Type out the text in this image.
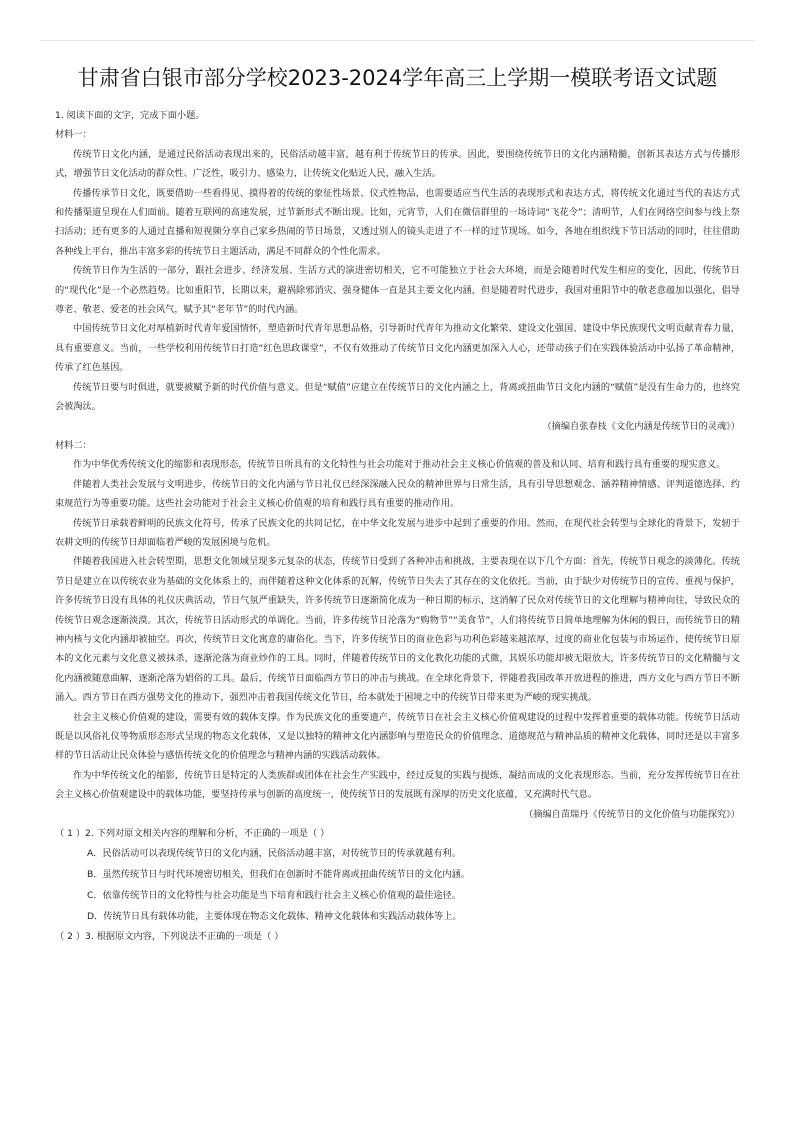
甘肃省白银市部分学校2023-2024学年高三上学期一模联考语文试题

1. 阅读下面的文字，完成下面小题。

材料一：

传统节日文化内涵，是通过民俗活动表现出来的，民俗活动越丰富，越有利于传统节日的传承。因此，要围绕传统节日的文化内涵精髓，创新其表达方式与传播形式，增强节日文化活动的群众性、广泛性，吸引力、感染力，让传统文化贴近人民，融入生活。

传播传承节日文化，既要借助一些看得见、摸得着的传统的象征性场景、仪式性物品，也需要适应当代生活的表现形式和表达方式，将传统文化通过当代的表达方式和传播渠道呈现在人们面前。随着互联网的高速发展，过节新形式不断出现。比如，元宵节，人们在微信群里的一场诗词“飞花令”；清明节，人们在网络空间参与线上祭扫活动；还有更多的人通过直播和短视频分享自己家乡热闹的节日场景，又透过别人的镜头走进了不一样的过节现场。如今，各地在组织线下节日活动的同时，往往借助各种线上平台，推出丰富多彩的传统节日主题活动，满足不同群众的个性化需求。

传统节日作为生活的一部分，跟社会进步、经济发展、生活方式的演进密切相关，它不可能独立于社会大环境，而是会随着时代发生相应的变化，因此，传统节日的“现代化”是一个必然趋势。比如重阳节，长期以来，避祸除邪消灾、强身健体一直是其主要文化内涵，但是随着时代进步，我国对重阳节中的敬老意蕴加以强化，倡导尊老、敬老、爱老的社会风气，赋予其“老年节”的时代内涵。

中国传统节日文化对厚植新时代青年爱国情怀，塑造新时代青年思想品格，引导新时代青年为推动文化繁荣、建设文化强国、建设中华民族现代文明贡献青春力量，具有重要意义。当前，一些学校利用传统节日打造“红色思政课堂”，不仅有效推动了传统节日文化内涵更加深入人心，还带动孩子们在实践体验活动中弘扬了革命精神，传承了红色基因。

传统节日要与时俱进，就要被赋予新的时代价值与意义。但是“赋值”应建立在传统节日的文化内涵之上，背离或扭曲节日文化内涵的“赋值”是没有生命力的，也终究会被淘汰。

（摘编自张春枝《文化内涵是传统节日的灵魂》）

材料二：

作为中华优秀传统文化的缩影和表现形态，传统节日所具有的文化特性与社会功能对于推动社会主义核心价值观的普及和认同、培育和践行具有重要的现实意义。

伴随着人类社会发展与文明进步，传统节日的文化内涵与节日礼仪已经深深融入民众的精神世界与日常生活，具有引导思想观念、涵养精神情感、评判道德选择、约束规范行为等重要功能。这些社会功能对于社会主义核心价值观的培育和践行具有重要的推动作用。

传统节日承载着鲜明的民族文化符号，传承了民族文化的共同记忆，在中华文化发展与进步中起到了重要的作用。然而，在现代社会转型与全球化的背景下，发轫于农耕文明的传统节日却面临着严峻的发展困境与危机。

伴随着我国进入社会转型期，思想文化领域呈现多元复杂的状态，传统节日受到了各种冲击和挑战，主要表现在以下几个方面：首先，传统节日观念的淡薄化。传统节日是建立在以传统农业为基础的文化体系上的，而伴随着这种文化体系的瓦解，传统节日失去了其存在的文化依托。当前，由于缺少对传统节日的宣传、重视与保护，许多传统节日没有具体的礼仪庆典活动，节日气氛严重缺失，许多传统节日逐渐简化成为一种日期的标示，这消解了民众对传统节日的文化理解与精神向往，导致民众的传统节日观念逐渐淡漠。其次，传统节日活动形式的单调化。当前，许多传统节日沦落为“购物节”“美食节”，人们将传统节日简单地理解为休闲的假日，而传统节日的精神内核与文化内涵却被抽空。再次，传统节日文化寓意的庸俗化。当下，许多传统节日的商业色彩与功利色彩越来越浓厚，过度的商业化包装与市场运作，使传统节日原本的文化元素与文化意义被抹杀，逐渐沦落为商业炒作的工具。同时，伴随着传统节日的文化教化功能的式微，其娱乐功能却被无限放大，许多传统节日的文化精髓与文化内涵被随意曲解，逐渐沦落为娼俗的工具。最后，传统节日面临西方节日的冲击与挑战。在全球化背景下，伴随着我国改革开放进程的推进，西方文化与西方节日不断涌入。西方节日在西方强势文化的推动下，强烈冲击着我国传统文化节日，给本就处于困境之中的传统节日带来更为严峻的现实挑战。

社会主义核心价值观的建设，需要有效的载体支撑。作为民族文化的重要遗产，传统节日在社会主义核心价值观建设的过程中发挥着重要的载体功能。传统节日活动既是以风俗礼仪等物质形态形式呈现的物态文化载体，又是以独特的精神文化内涵影响与塑造民众的价值理念、道德规范与精神品质的精神文化载体，同时还是以丰富多样的节日活动让民众体验与感悟传统文化的价值理念与精神内涵的实践活动载体。

作为中华传统文化的缩影，传统节日是特定的人类族群或团体在社会生产实践中，经过反复的实践与提炼，凝结而成的文化表现形态。当前，充分发挥传统节日在社会主义核心价值观建设中的载体功能，要坚持传承与创新的高度统一，使传统节日的发展既有深厚的历史文化底蕴，又充满时代气息。

（摘编自苗瑞丹《传统节日的文化价值与功能探究》）

（ 1 ）2. 下列对原文相关内容的理解和分析，不正确的一项是（ ）

A．民俗活动可以表现传统节日的文化内涵，民俗活动越丰富，对传统节日的传承就越有利。

B．虽然传统节日与时代环境密切相关，但我们在创新时不能背离或扭曲传统节日的文化内涵。

C．依靠传统节日的文化特性与社会功能是当下培育和践行社会主义核心价值观的最佳途径。

D．传统节日具有载体功能，主要体现在物态文化载体、精神文化载体和实践活动载体等上。

（ 2 ）3. 根据原文内容，下列说法不正确的一项是（ ）
